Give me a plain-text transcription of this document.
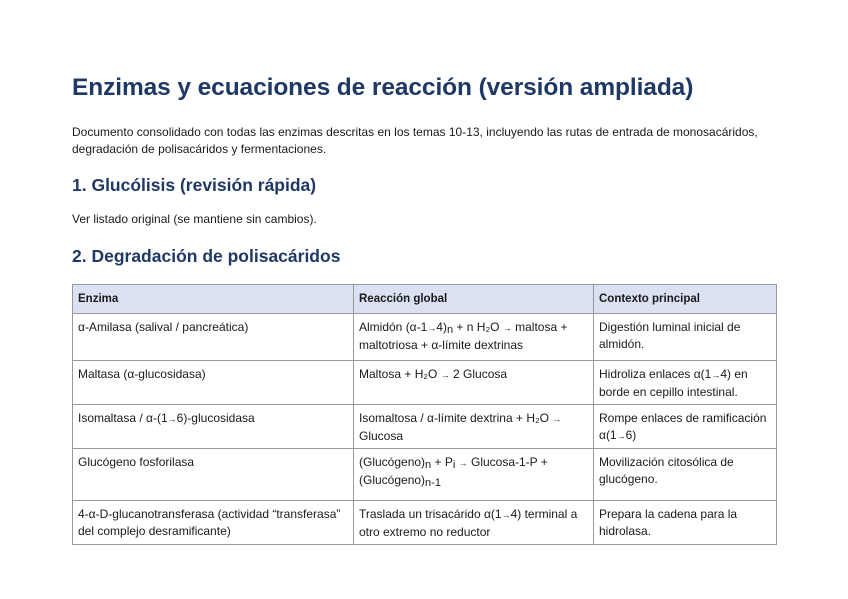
Enzimas y ecuaciones de reacción (versión ampliada)

Documento consolidado con todas las enzimas descritas en los temas 10-13, incluyendo las rutas de entrada de monosacáridos, degradación de polisacáridos y fermentaciones.

1. Glucólisis (revisión rápida)

Ver listado original (se mantiene sin cambios).

2. Degradación de polisacáridos
Enzima	Reacción global	Contexto principal
α-Amilasa (salival / pancreática)	Almidón $(\alpha-1\to 4)_n + n$ H₂O → maltosa + maltotriosa + α-límite dextrinas	Digestión luminal inicial de almidón.
Maltasa (α-glucosidasa)	Maltosa + H₂O → 2 Glucosa	Hidroliza enlaces α(1→4) en borde en cepillo intestinal.
Isomaltasa / α-(1→6)-glucosidasa	Isomaltosa / α-límite dextrina + H₂O → Glucosa	Rompe enlaces de ramificación α(1→6)
Glucógeno fosforilasa	$(Glucógeno)_n + P_i \to Glucosa-1-P$ + $(Glucógeno)_{n-1}$	Movilización citosólica de glucógeno.
4-α-D-glucanotransferasa (actividad “transferasa” del complejo desramificante)	Traslada un trisacárido α(1→4) terminal a otro extremo no reductor	Prepara la cadena para la hidrolasa.
